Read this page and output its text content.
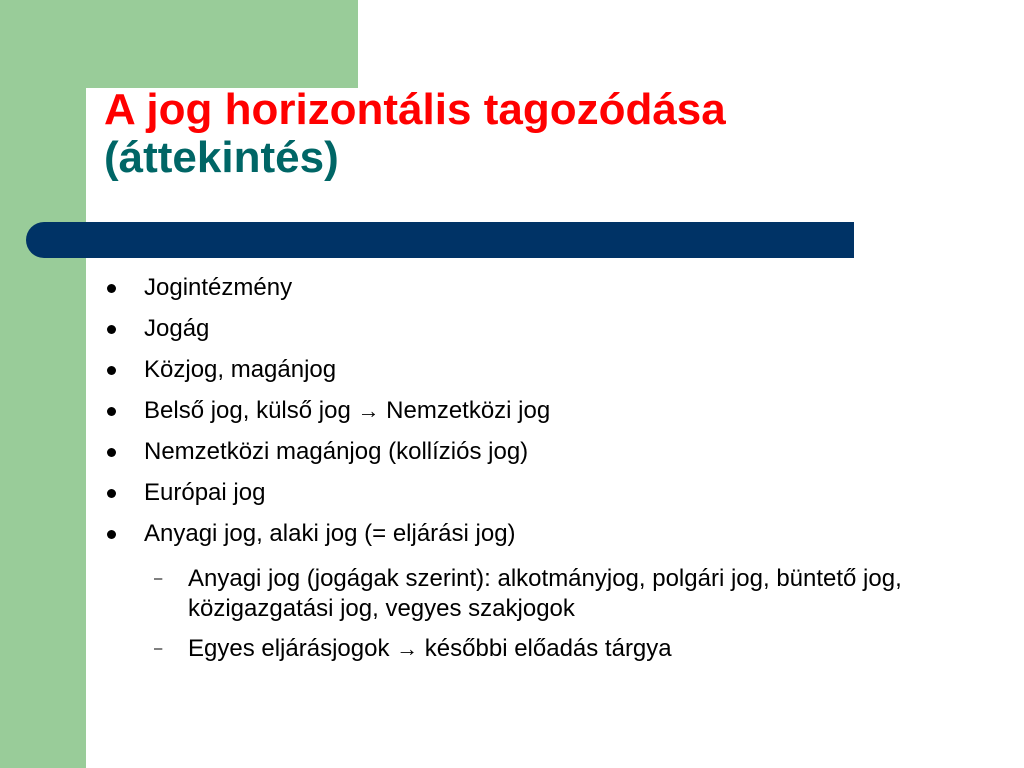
A jog horizontális tagozódása
(áttekintés)
Jogintézmény
Jogág
Közjog, magánjog
Belső jog, külső jog → Nemzetközi jog
Nemzetközi magánjog (kollíziós jog)
Európai jog
Anyagi jog, alaki jog (= eljárási jog)
– Anyagi jog (jogágak szerint): alkotmányjog, polgári jog, büntető jog, közigazgatási jog, vegyes szakjogok
– Egyes eljárásjogok → későbbi előadás tárgya
